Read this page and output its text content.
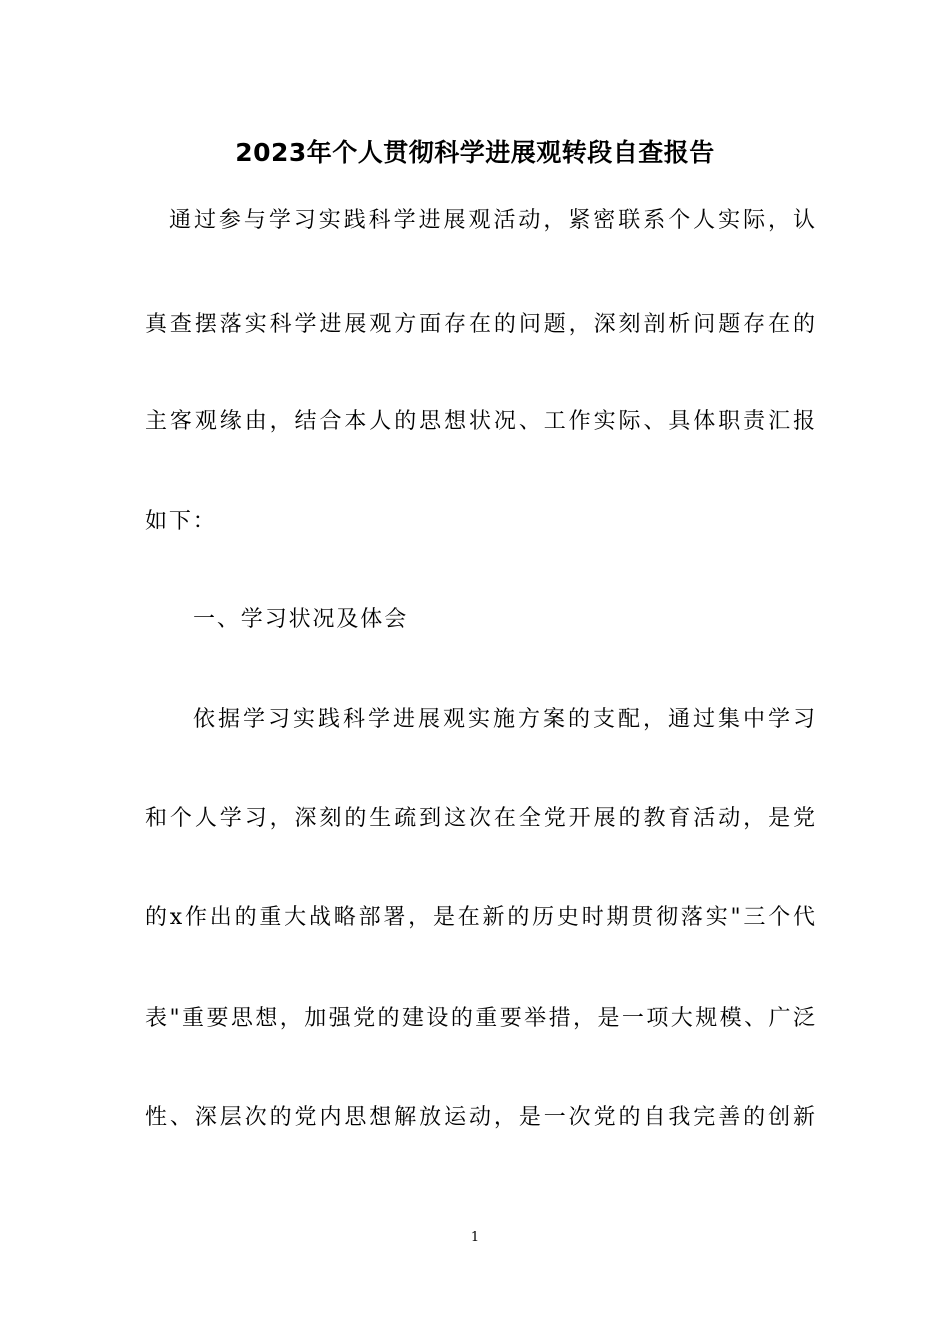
2023年个人贯彻科学进展观转段自查报告
通过参与学习实践科学进展观活动，紧密联系个人实际，认
真查摆落实科学进展观方面存在的问题，深刻剖析问题存在的
主客观缘由，结合本人的思想状况、工作实际、具体职责汇报
如下：
一、学习状况及体会
依据学习实践科学进展观实施方案的支配，通过集中学习
和个人学习，深刻的生疏到这次在全党开展的教育活动，是党
的x作出的重大战略部署，是在新的历史时期贯彻落实"三个代
表"重要思想，加强党的建设的重要举措，是一项大规模、广泛
性、深层次的党内思想解放运动，是一次党的自我完善的创新
1
